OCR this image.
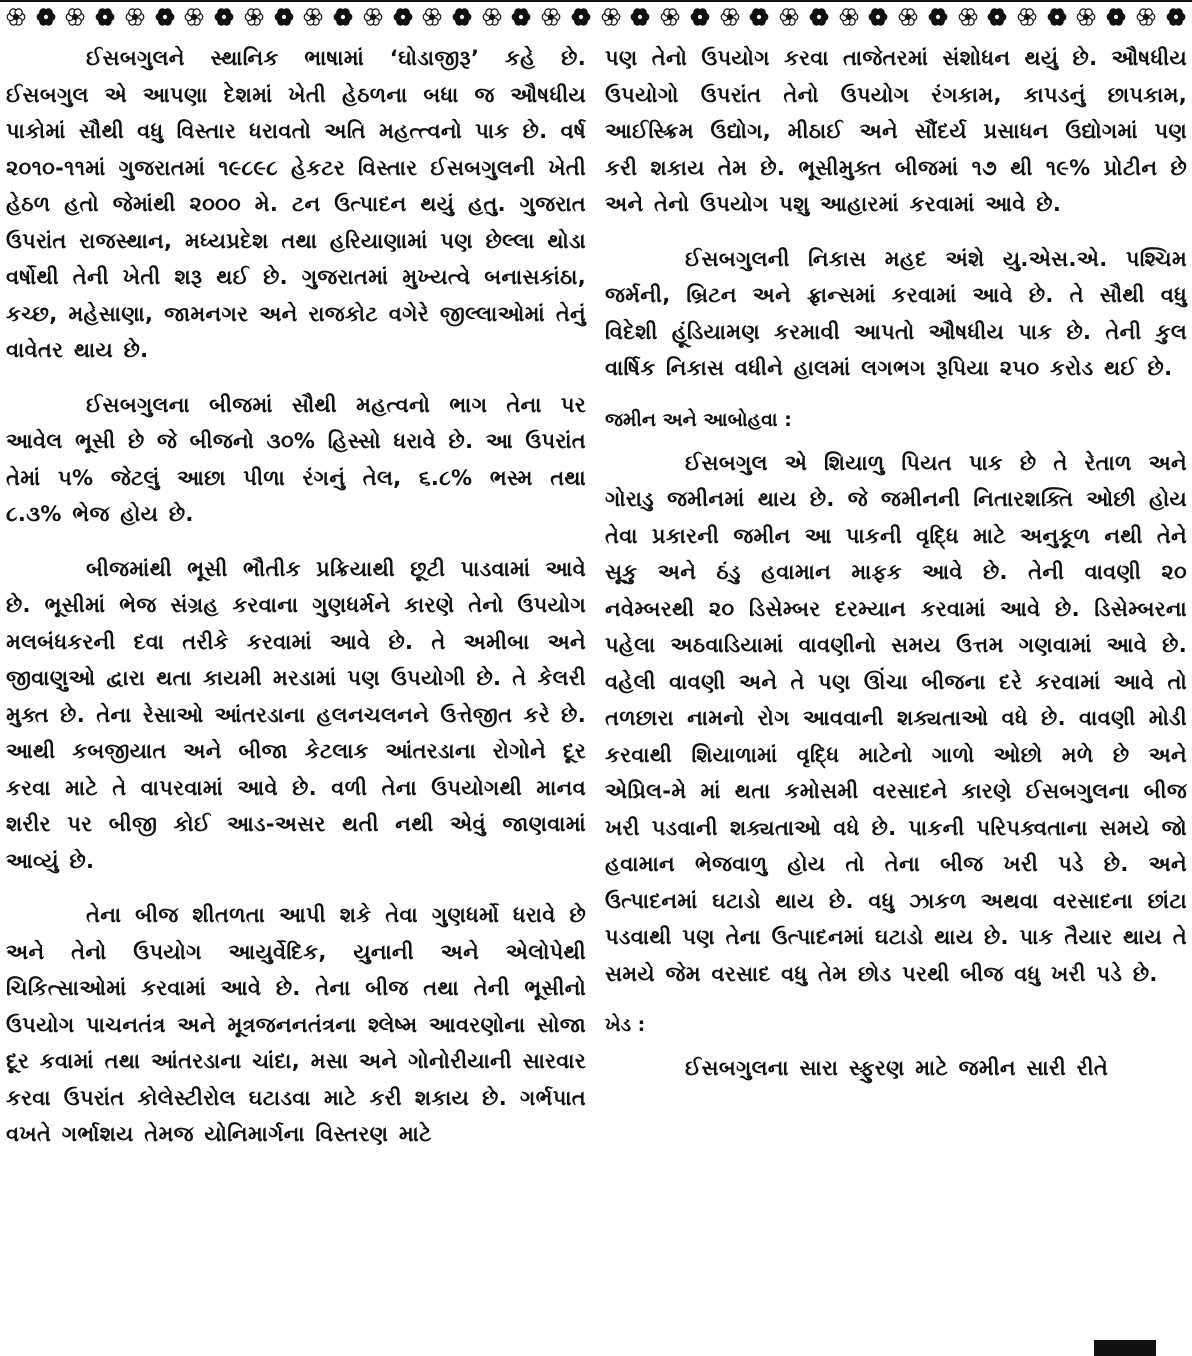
ઈસબગુલને સ્થાનિક ભાષામાં ‘ઘોડાજીરૂ’ કહે છે. ઈસબગુલ એ આપણા દેશમાં ખેતી હેઠળના બધા જ ઔષધીય પાકોમાં સૌથી વધુ વિસ્તાર ધરાવતો અતિ મહત્ત્વનો પાક છે. વર્ષ ૨૦૧૦-૧૧માં ગુજરાતમાં ૧૯૮૯૮ હેકટર વિસ્તાર ઈસબગુલની ખેતી હેઠળ હતો જેમાંથી ૨૦૦૦ મે. ટન ઉત્પાદન થયું હતુ. ગુજરાત ઉપરાંત રાજસ્થાન, મધ્યપ્રદેશ તથા હરિયાણામાં પણ છેલ્લા થોડા વર્ષોથી તેની ખેતી શરૂ થઈ છે. ગુજરાતમાં મુખ્યત્વે બનાસકાંઠા, કચ્છ, મહેસાણા, જામનગર અને રાજકોટ વગેરે જીલ્લાઓમાં તેનું વાવેતર થાય છે.

ઈસબગુલના બીજમાં સૌથી મહત્વનો ભાગ તેના પર આવેલ ભૂસી છે જે બીજનો ૩૦% હિસ્સો ધરાવે છે. આ ઉપરાંત તેમાં ૫% જેટલું આછા પીળા રંગનું તેલ, ૬.૮% ભસ્મ તથા ૮.૩% ભેજ હોય છે.

બીજમાંથી ભૂસી ભૌતીક પ્રક્રિયાથી છૂટી પાડવામાં આવે છે. ભૂસીમાં ભેજ સંગ્રહ કરવાના ગુણધર્મને કારણે તેનો ઉપયોગ મલબંધકરની દવા તરીકે કરવામાં આવે છે. તે અમીબા અને જીવાણુઓ દ્વારા થતા કાયમી મરડામાં પણ ઉપયોગી છે. તે કેલરી મુક્ત છે. તેના રેસાઓ આંતરડાના હલનચલનને ઉત્તેજીત કરે છે. આથી કબજીયાત અને બીજા કેટલાક આંતરડાના રોગોને દૂર કરવા માટે તે વાપરવામાં આવે છે. વળી તેના ઉપયોગથી માનવ શરીર પર બીજી કોઈ આડ-અસર થતી નથી એવું જાણવામાં આવ્યું છે.

તેના બીજ શીતળતા આપી શકે તેવા ગુણધર્મો ધરાવે છે અને તેનો ઉપયોગ આયુર્વેદિક, યુનાની અને એલોપેથી ચિકિત્સાઓમાં કરવામાં આવે છે. તેના બીજ તથા તેની ભૂસીનો ઉપયોગ પાચનતંત્ર અને મૂત્રજનનતંત્રના શ્લેષ્મ આવરણોના સોજા દૂર કવામાં તથા આંતરડાના ચાંદા, મસા અને ગોનોરીયાની સારવાર કરવા ઉપરાંત કોલેસ્ટીરોલ ઘટાડવા માટે કરી શકાય છે. ગર્ભપાત વખતે ગર્ભાશય તેમજ યોનિમાર્ગના વિસ્તરણ માટે

પણ તેનો ઉપયોગ કરવા તાજેતરમાં સંશોધન થયું છે. ઔષધીય ઉપયોગો ઉપરાંત તેનો ઉપયોગ રંગકામ, કાપડનું છાપકામ, આઈસ્ક્રિમ ઉદ્યોગ, મીઠાઈ અને સૌંદર્ય પ્રસાધન ઉદ્યોગમાં પણ કરી શકાય તેમ છે. ભૂસીમુક્ત બીજમાં ૧૭ થી ૧૯% પ્રોટીન છે અને તેનો ઉપયોગ પશુ આહારમાં કરવામાં આવે છે.

ઈસબગુલની નિકાસ મહદ અંશે યુ.એસ.એ. પશ્ચિમ જર્મની, બ્રિટન અને ફ્રાન્સમાં કરવામાં આવે છે. તે સૌથી વધુ વિદેશી હૂંડિયામણ કરમાવી આપતો ઔષધીય પાક છે. તેની કુલ વાર્ષિક નિકાસ વધીને હાલમાં લગભગ રૂપિયા ૨૫૦ કરોડ થઈ છે.

જમીન અને આબોહવા :

ઈસબગુલ એ શિયાળુ પિયત પાક છે તે રેતાળ અને ગોરાડુ જમીનમાં થાય છે. જે જમીનની નિતારશક્તિ ઓછી હોય તેવા પ્રકારની જમીન આ પાકની વૃદ્ધિ માટે અનુકૂળ નથી તેને સૂકુ અને ઠંડુ હવામાન માફક આવે છે. તેની વાવણી ૨૦ નવેમ્બરથી ૨૦ ડિસેમ્બર દરમ્યાન કરવામાં આવે છે. ડિસેમ્બરના પહેલા અઠવાડિયામાં વાવણીનો સમય ઉત્તમ ગણવામાં આવે છે. વહેલી વાવણી અને તે પણ ઊંચા બીજના દરે કરવામાં આવે તો તળછારા નામનો રોગ આવવાની શક્યતાઓ વધે છે. વાવણી મોડી કરવાથી શિયાળામાં વૃદ્ધિ માટેનો ગાળો ઓછો મળે છે અને એપ્રિલ-મે માં થતા કમોસમી વરસાદને કારણે ઈસબગુલના બીજ ખરી પડવાની શક્યતાઓ વધે છે. પાકની પરિપક્વતાના સમયે જો હવામાન ભેજવાળુ હોય તો તેના બીજ ખરી પડે છે. અને ઉત્પાદનમાં ઘટાડો થાય છે. વધુ ઝાકળ અથવા વરસાદના છાંટા પડવાથી પણ તેના ઉત્પાદનમાં ઘટાડો થાય છે. પાક તૈયાર થાય તે સમયે જેમ વરસાદ વધુ તેમ છોડ પરથી બીજ વધુ ખરી પડે છે.

ખેડ :

ઈસબગુલના સારા સ્ફુરણ માટે જમીન સારી રીતે
